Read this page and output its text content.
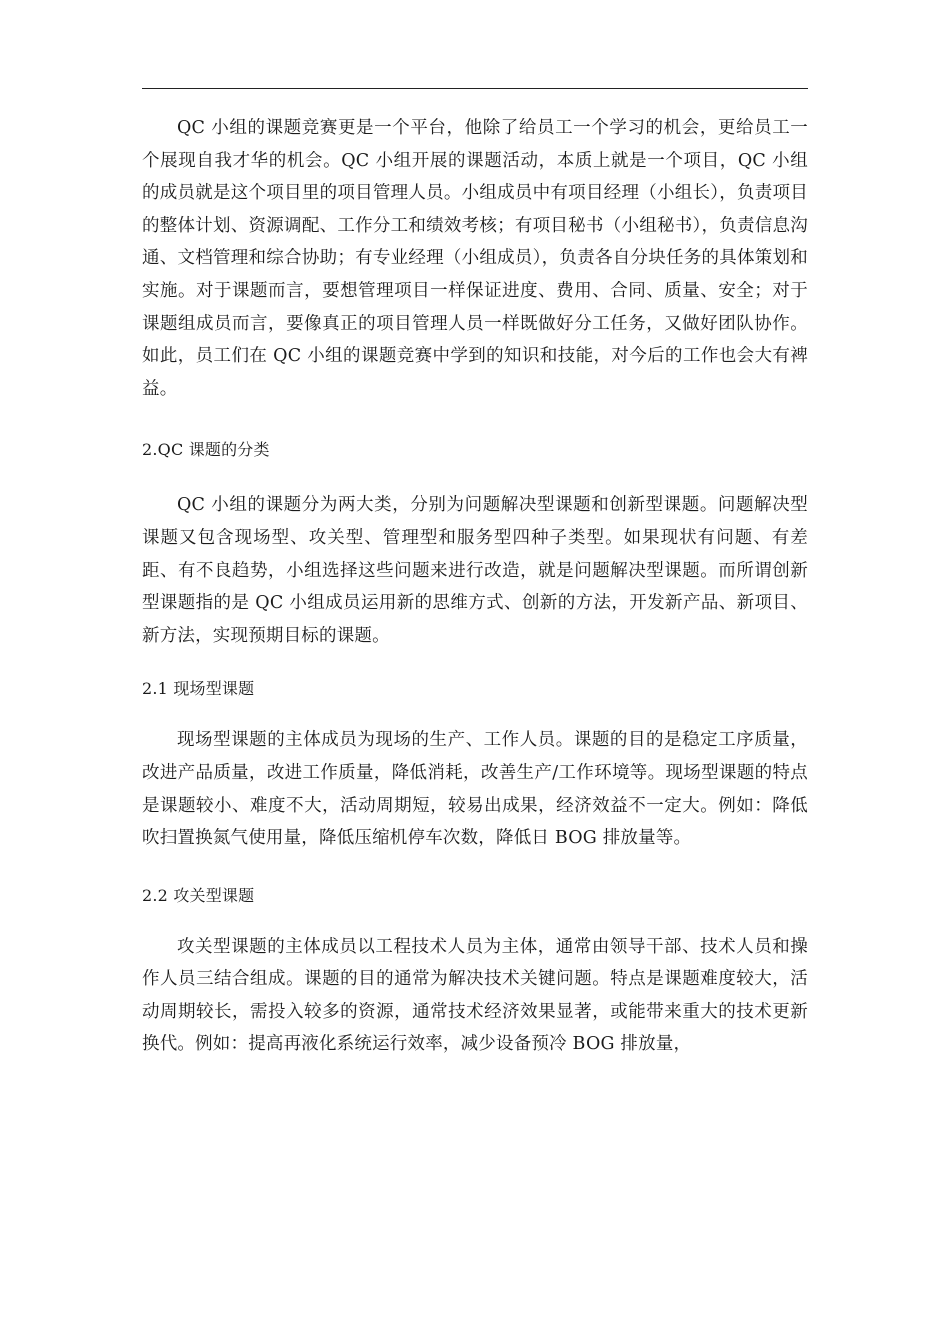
QC 小组的课题竞赛更是一个平台，他除了给员工一个学习的机会，更给员工一个展现自我才华的机会。QC 小组开展的课题活动，本质上就是一个项目，QC 小组的成员就是这个项目里的项目管理人员。小组成员中有项目经理（小组长），负责项目的整体计划、资源调配、工作分工和绩效考核；有项目秘书（小组秘书），负责信息沟通、文档管理和综合协助；有专业经理（小组成员），负责各自分块任务的具体策划和实施。对于课题而言，要想管理项目一样保证进度、费用、合同、质量、安全；对于课题组成员而言，要像真正的项目管理人员一样既做好分工任务，又做好团队协作。如此，员工们在 QC 小组的课题竞赛中学到的知识和技能，对今后的工作也会大有裨益。

2.QC 课题的分类

QC 小组的课题分为两大类，分别为问题解决型课题和创新型课题。问题解决型课题又包含现场型、攻关型、管理型和服务型四种子类型。如果现状有问题、有差距、有不良趋势，小组选择这些问题来进行改造，就是问题解决型课题。而所谓创新型课题指的是 QC 小组成员运用新的思维方式、创新的方法，开发新产品、新项目、新方法，实现预期目标的课题。

2.1 现场型课题

现场型课题的主体成员为现场的生产、工作人员。课题的目的是稳定工序质量，改进产品质量，改进工作质量，降低消耗，改善生产/工作环境等。现场型课题的特点是课题较小、难度不大，活动周期短，较易出成果，经济效益不一定大。例如：降低吹扫置换氮气使用量，降低压缩机停车次数，降低日 BOG 排放量等。

2.2 攻关型课题

攻关型课题的主体成员以工程技术人员为主体，通常由领导干部、技术人员和操作人员三结合组成。课题的目的通常为解决技术关键问题。特点是课题难度较大，活动周期较长，需投入较多的资源，通常技术经济效果显著，或能带来重大的技术更新换代。例如：提高再液化系统运行效率，减少设备预冷 BOG 排放量，
